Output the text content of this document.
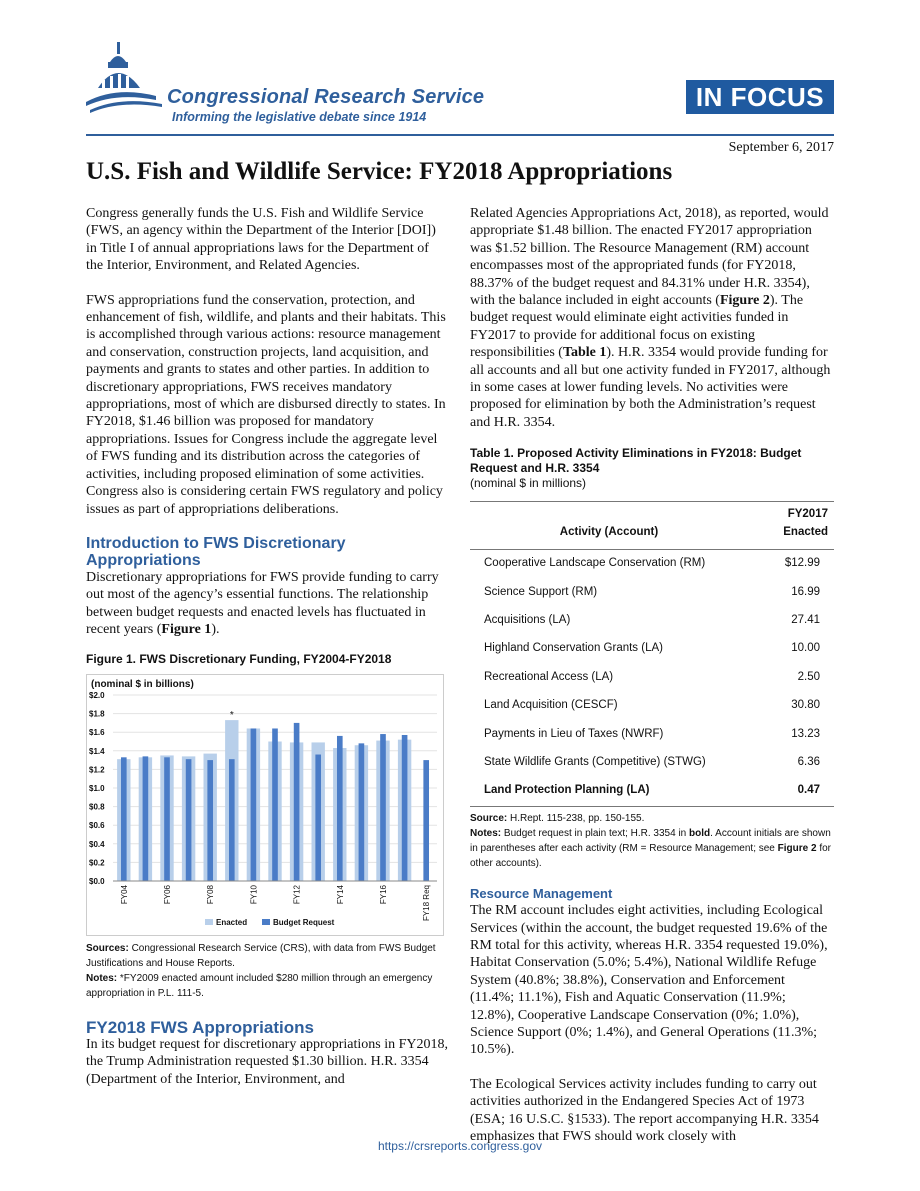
Congressional Research Service
Informing the legislative debate since 1914
IN FOCUS
September 6, 2017
U.S. Fish and Wildlife Service: FY2018 Appropriations

Congress generally funds the U.S. Fish and Wildlife Service (FWS, an agency within the Department of the Interior [DOI]) in Title I of annual appropriations laws for the Department of the Interior, Environment, and Related Agencies.

FWS appropriations fund the conservation, protection, and enhancement of fish, wildlife, and plants and their habitats. This is accomplished through various actions: resource management and conservation, construction projects, land acquisition, and payments and grants to states and other parties. In addition to discretionary appropriations, FWS receives mandatory appropriations, most of which are disbursed directly to states. In FY2018, $1.46 billion was proposed for mandatory appropriations. Issues for Congress include the aggregate level of FWS funding and its distribution across the categories of activities, including proposed elimination of some activities. Congress also is considering certain FWS regulatory and policy issues as part of appropriations deliberations.

Introduction to FWS Discretionary Appropriations

Discretionary appropriations for FWS provide funding to carry out most of the agency’s essential functions. The relationship between budget requests and enacted levels has fluctuated in recent years (Figure 1).

Figure 1. FWS Discretionary Funding, FY2004-FY2018
(nominal $ in billions)
$0.0
$0.2
$0.4
$0.6
$0.8
$1.0
$1.2
$1.4
$1.6
$1.8
$2.0
*
FY04	FY06	FY08	FY10	FY12	FY14	FY16	FY18 Req
Enacted	Budget Request
Sources: Congressional Research Service (CRS), with data from FWS Budget Justifications and House Reports.
Notes: *FY2009 enacted amount included $280 million through an emergency appropriation in P.L. 111-5.
FY2018 FWS Appropriations

In its budget request for discretionary appropriations in FY2018, the Trump Administration requested $1.30 billion. H.R. 3354 (Department of the Interior, Environment, and

Related Agencies Appropriations Act, 2018), as reported, would appropriate $1.48 billion. The enacted FY2017 appropriation was $1.52 billion. The Resource Management (RM) account encompasses most of the appropriated funds (for FY2018, 88.37% of the budget request and 84.31% under H.R. 3354), with the balance included in eight accounts (Figure 2). The budget request would eliminate eight activities funded in FY2017 to provide for additional focus on existing responsibilities (Table 1). H.R. 3354 would provide funding for all accounts and all but one activity funded in FY2017, although in some cases at lower funding levels. No activities were proposed for elimination by both the Administration’s request and H.R. 3354.

Table 1. Proposed Activity Eliminations in FY2018: Budget Request and H.R. 3354
(nominal $ in millions)
Activity (Account)	FY2017
Enacted
Cooperative Landscape Conservation (RM)	$12.99
Science Support (RM)	16.99
Acquisitions (LA)	27.41
Highland Conservation Grants (LA)	10.00
Recreational Access (LA)	2.50
Land Acquisition (CESCF)	30.80
Payments in Lieu of Taxes (NWRF)	13.23
State Wildlife Grants (Competitive) (STWG)	6.36
Land Protection Planning (LA)	0.47
Source: H.Rept. 115-238, pp. 150-155.
Notes: Budget request in plain text; H.R. 3354 in bold. Account initials are shown in parentheses after each activity (RM = Resource Management; see Figure 2 for other accounts).
Resource Management

The RM account includes eight activities, including Ecological Services (within the account, the budget requested 19.6% of the RM total for this activity, whereas H.R. 3354 requested 19.0%), Habitat Conservation (5.0%; 5.4%), National Wildlife Refuge System (40.8%; 38.8%), Conservation and Enforcement (11.4%; 11.1%), Fish and Aquatic Conservation (11.9%; 12.8%), Cooperative Landscape Conservation (0%; 1.0%), Science Support (0%; 1.4%), and General Operations (11.3%; 10.5%).

The Ecological Services activity includes funding to carry out activities authorized in the Endangered Species Act of 1973 (ESA; 16 U.S.C. §1533). The report accompanying H.R. 3354 emphasizes that FWS should work closely with

https://crsreports.congress.gov
